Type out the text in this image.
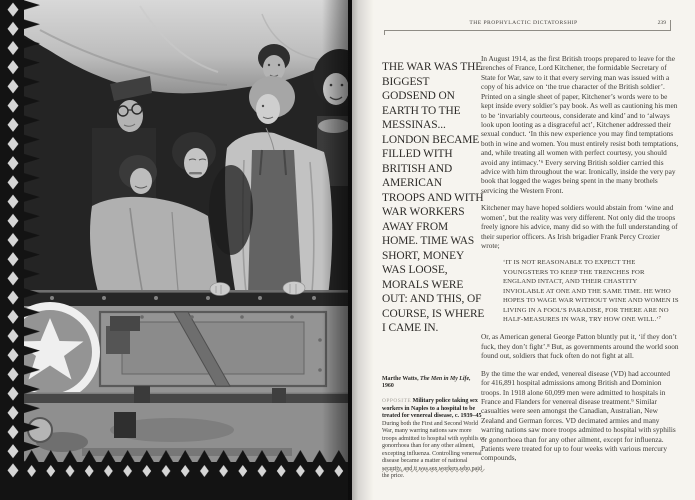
THE PROPHYLACTIC DICTATORSHIP	239
THE WAR WAS THE BIGGEST GODSEND ON EARTH TO THE MESSINAS... LONDON BECAME FILLED WITH BRITISH AND AMERICAN TROOPS AND WITH WAR WORKERS AWAY FROM HOME. TIME WAS SHORT, MONEY WAS LOOSE, MORALS WERE OUT: AND THIS, OF COURSE, IS WHERE I CAME IN.
Marthe Watts, The Men in My Life,
1960
OPPOSITE Military police taking sex workers in Naples to a hospital to be treated for venereal disease, c. 1939–45
During both the First and Second World War, many warring nations saw more troops admitted to hospital with syphilis or gonorrhoea than for any other ailment, excepting influenza. Controlling venereal disease became a matter of national security, and it was sex workers who paid the price.

In August 1914, as the first British troops prepared to leave for the trenches of France, Lord Kitchener, the formidable Secretary of State for War, saw to it that every serving man was issued with a copy of his advice on ‘the true character of the British soldier’. Printed on a single sheet of paper, Kitchener’s words were to be kept inside every soldier’s pay book. As well as cautioning his men to be ‘invariably courteous, considerate and kind’ and to ‘always look upon looting as a disgraceful act’, Kitchener addressed their sexual conduct. ‘In this new experience you may find temptations both in wine and women. You must entirely resist both temptations, and, while treating all women with perfect courtesy, you should avoid any intimacy.’⁶ Every serving British soldier carried this advice with him throughout the war. Ironically, inside the very pay book that logged the wages being spent in the many brothels servicing the Western Front.

Kitchener may have hoped soldiers would abstain from ‘wine and women’, but the reality was very different. Not only did the troops freely ignore his advice, many did so with the full understanding of their superior officers. As Irish brigadier Frank Percy Crozier wrote;

‘IT IS NOT REASONABLE TO EXPECT THE YOUNGSTERS TO KEEP THE TRENCHES FOR ENGLAND INTACT, AND THEIR CHASTITY INVIOLABLE AT ONE AND THE SAME TIME. HE WHO HOPES TO WAGE WAR WITHOUT WINE AND WOMEN IS LIVING IN A FOOL’S PARADISE, FOR THERE ARE NO HALF-MEASURES IN WAR, TRY HOW ONE WILL.’⁷

Or, as American general George Patton bluntly put it, ‘if they don’t fuck, they don’t fight’.⁸ But, as governments around the world soon found out, soldiers that fuck often do not fight at all.

By the time the war ended, venereal disease (VD) had accounted for 416,891 hospital admissions among British and Dominion troops. In 1918 alone 60,099 men were admitted to hospitals in France and Flanders for venereal disease treatment.⁹ Similar casualties were seen amongst the Canadian, Australian, New Zealand and German forces. VD decimated armies and many warring nations saw more troops admitted to hospital with syphilis or gonorrhoea than for any other ailment, except for influenza. Patients were treated for up to four weeks with various mercury compounds,
